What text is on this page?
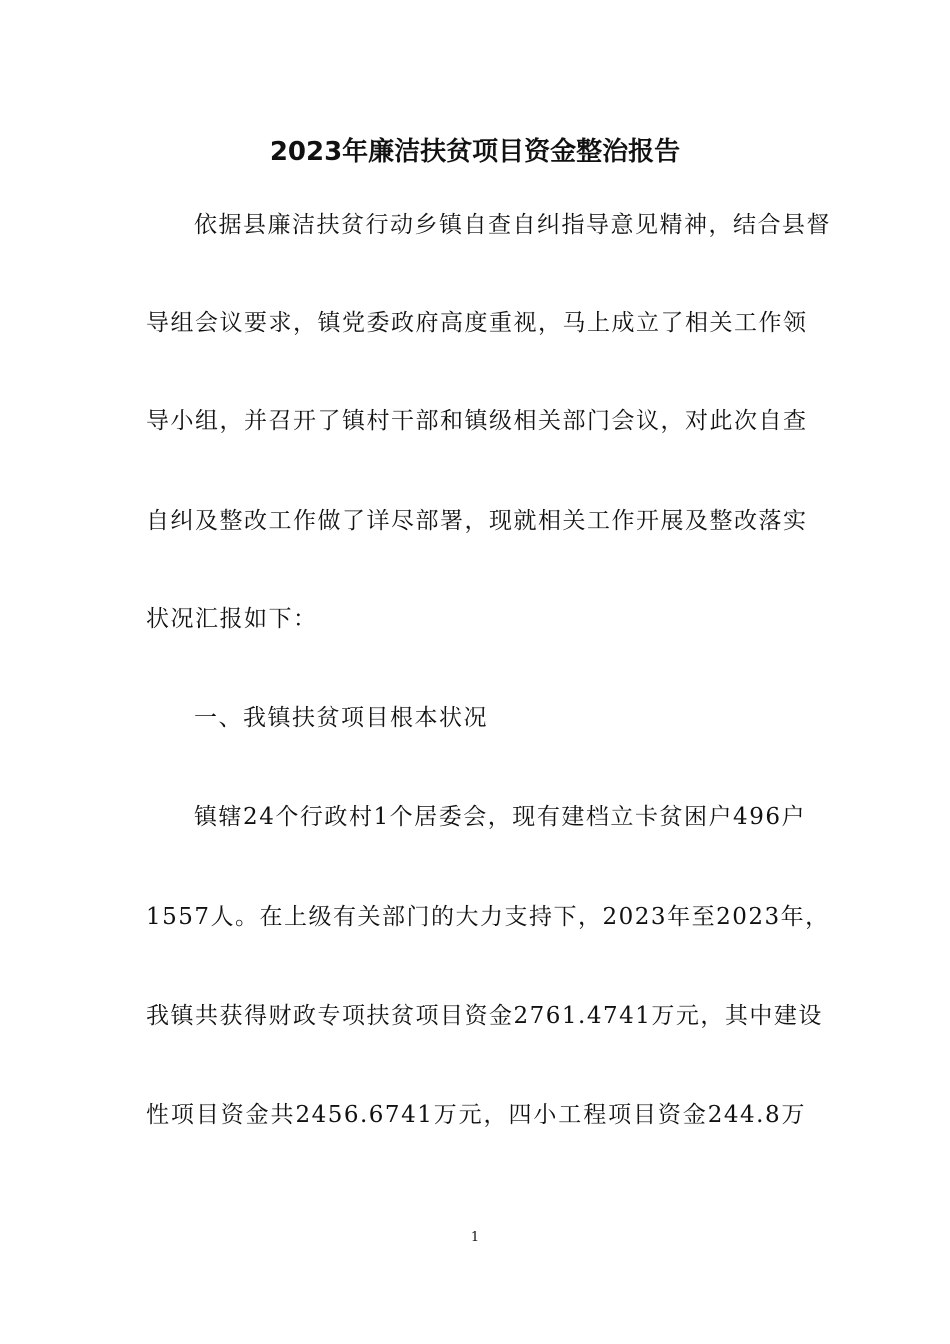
2023年廉洁扶贫项目资金整治报告
依据县廉洁扶贫行动乡镇自查自纠指导意见精神，结合县督
导组会议要求，镇党委政府高度重视，马上成立了相关工作领
导小组，并召开了镇村干部和镇级相关部门会议，对此次自查
自纠及整改工作做了详尽部署，现就相关工作开展及整改落实
状况汇报如下：
一、我镇扶贫项目根本状况
镇辖24个行政村1个居委会，现有建档立卡贫困户496户
1557人。在上级有关部门的大力支持下，2023年至2023年，
我镇共获得财政专项扶贫项目资金2761.4741万元，其中建设
性项目资金共2456.6741万元，四小工程项目资金244.8万
1
